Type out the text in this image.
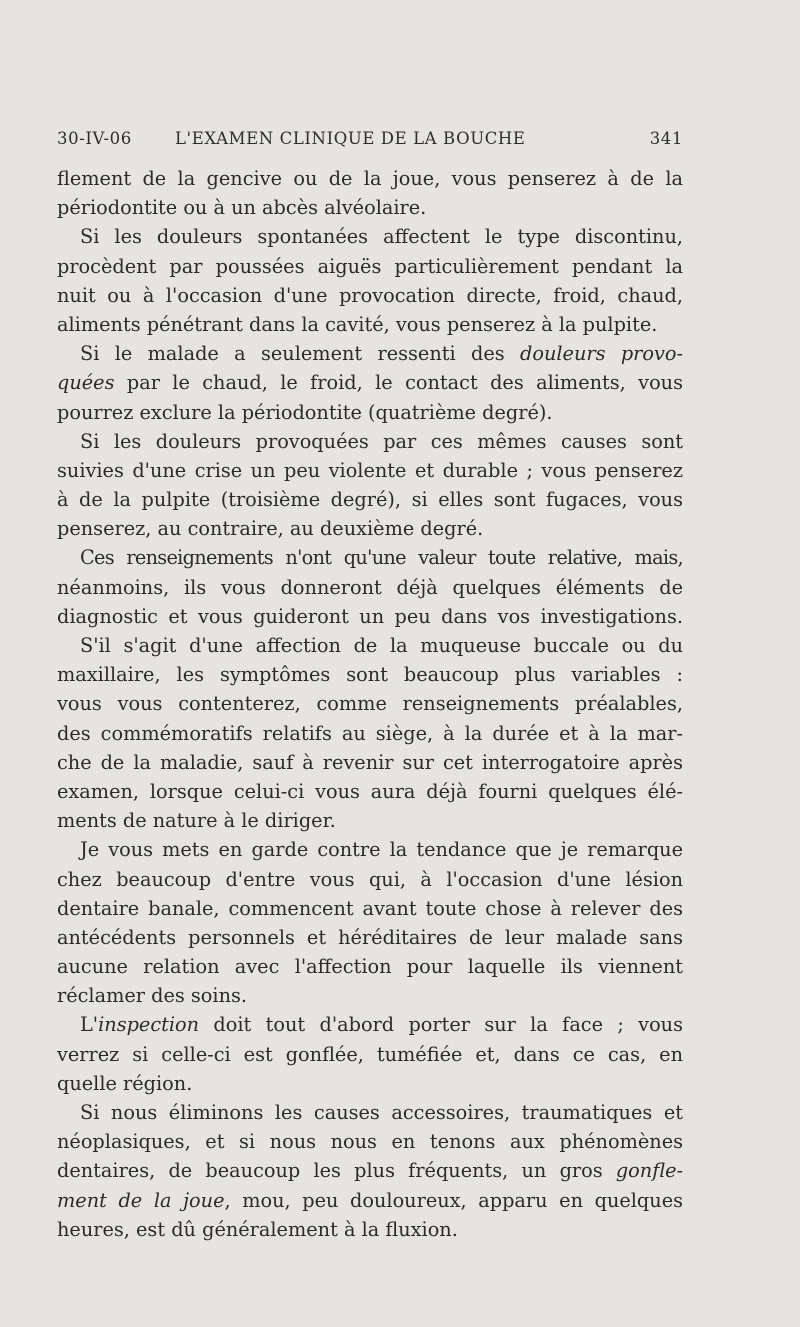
30-IV-06	L'EXAMEN CLINIQUE DE LA BOUCHE	341
flement de la gencive ou de la joue, vous penserez à de la
périodontite ou à un abcès alvéolaire.
Si les douleurs spontanées affectent le type discontinu,
procèdent par poussées aiguës particulièrement pendant la
nuit ou à l'occasion d'une provocation directe, froid, chaud,
aliments pénétrant dans la cavité, vous penserez à la pulpite.
Si le malade a seulement ressenti des douleurs provo-
quées par le chaud, le froid, le contact des aliments, vous
pourrez exclure la périodontite (quatrième degré).
Si les douleurs provoquées par ces mêmes causes sont
suivies d'une crise un peu violente et durable ; vous penserez
à de la pulpite (troisième degré), si elles sont fugaces, vous
penserez, au contraire, au deuxième degré.
Ces renseignements n'ont qu'une valeur toute relative, mais,
néanmoins, ils vous donneront déjà quelques éléments de
diagnostic et vous guideront un peu dans vos investigations.
S'il s'agit d'une affection de la muqueuse buccale ou du
maxillaire, les symptômes sont beaucoup plus variables :
vous vous contenterez, comme renseignements préalables,
des commémoratifs relatifs au siège, à la durée et à la mar-
che de la maladie, sauf à revenir sur cet interrogatoire après
examen, lorsque celui-ci vous aura déjà fourni quelques élé-
ments de nature à le diriger.
Je vous mets en garde contre la tendance que je remarque
chez beaucoup d'entre vous qui, à l'occasion d'une lésion
dentaire banale, commencent avant toute chose à relever des
antécédents personnels et héréditaires de leur malade sans
aucune relation avec l'affection pour laquelle ils viennent
réclamer des soins.
L'inspection doit tout d'abord porter sur la face ; vous
verrez si celle-ci est gonflée, tuméfiée et, dans ce cas, en
quelle région.
Si nous éliminons les causes accessoires, traumatiques et
néoplasiques, et si nous nous en tenons aux phénomènes
dentaires, de beaucoup les plus fréquents, un gros gonfle-
ment de la joue, mou, peu douloureux, apparu en quelques
heures, est dû généralement à la fluxion.
